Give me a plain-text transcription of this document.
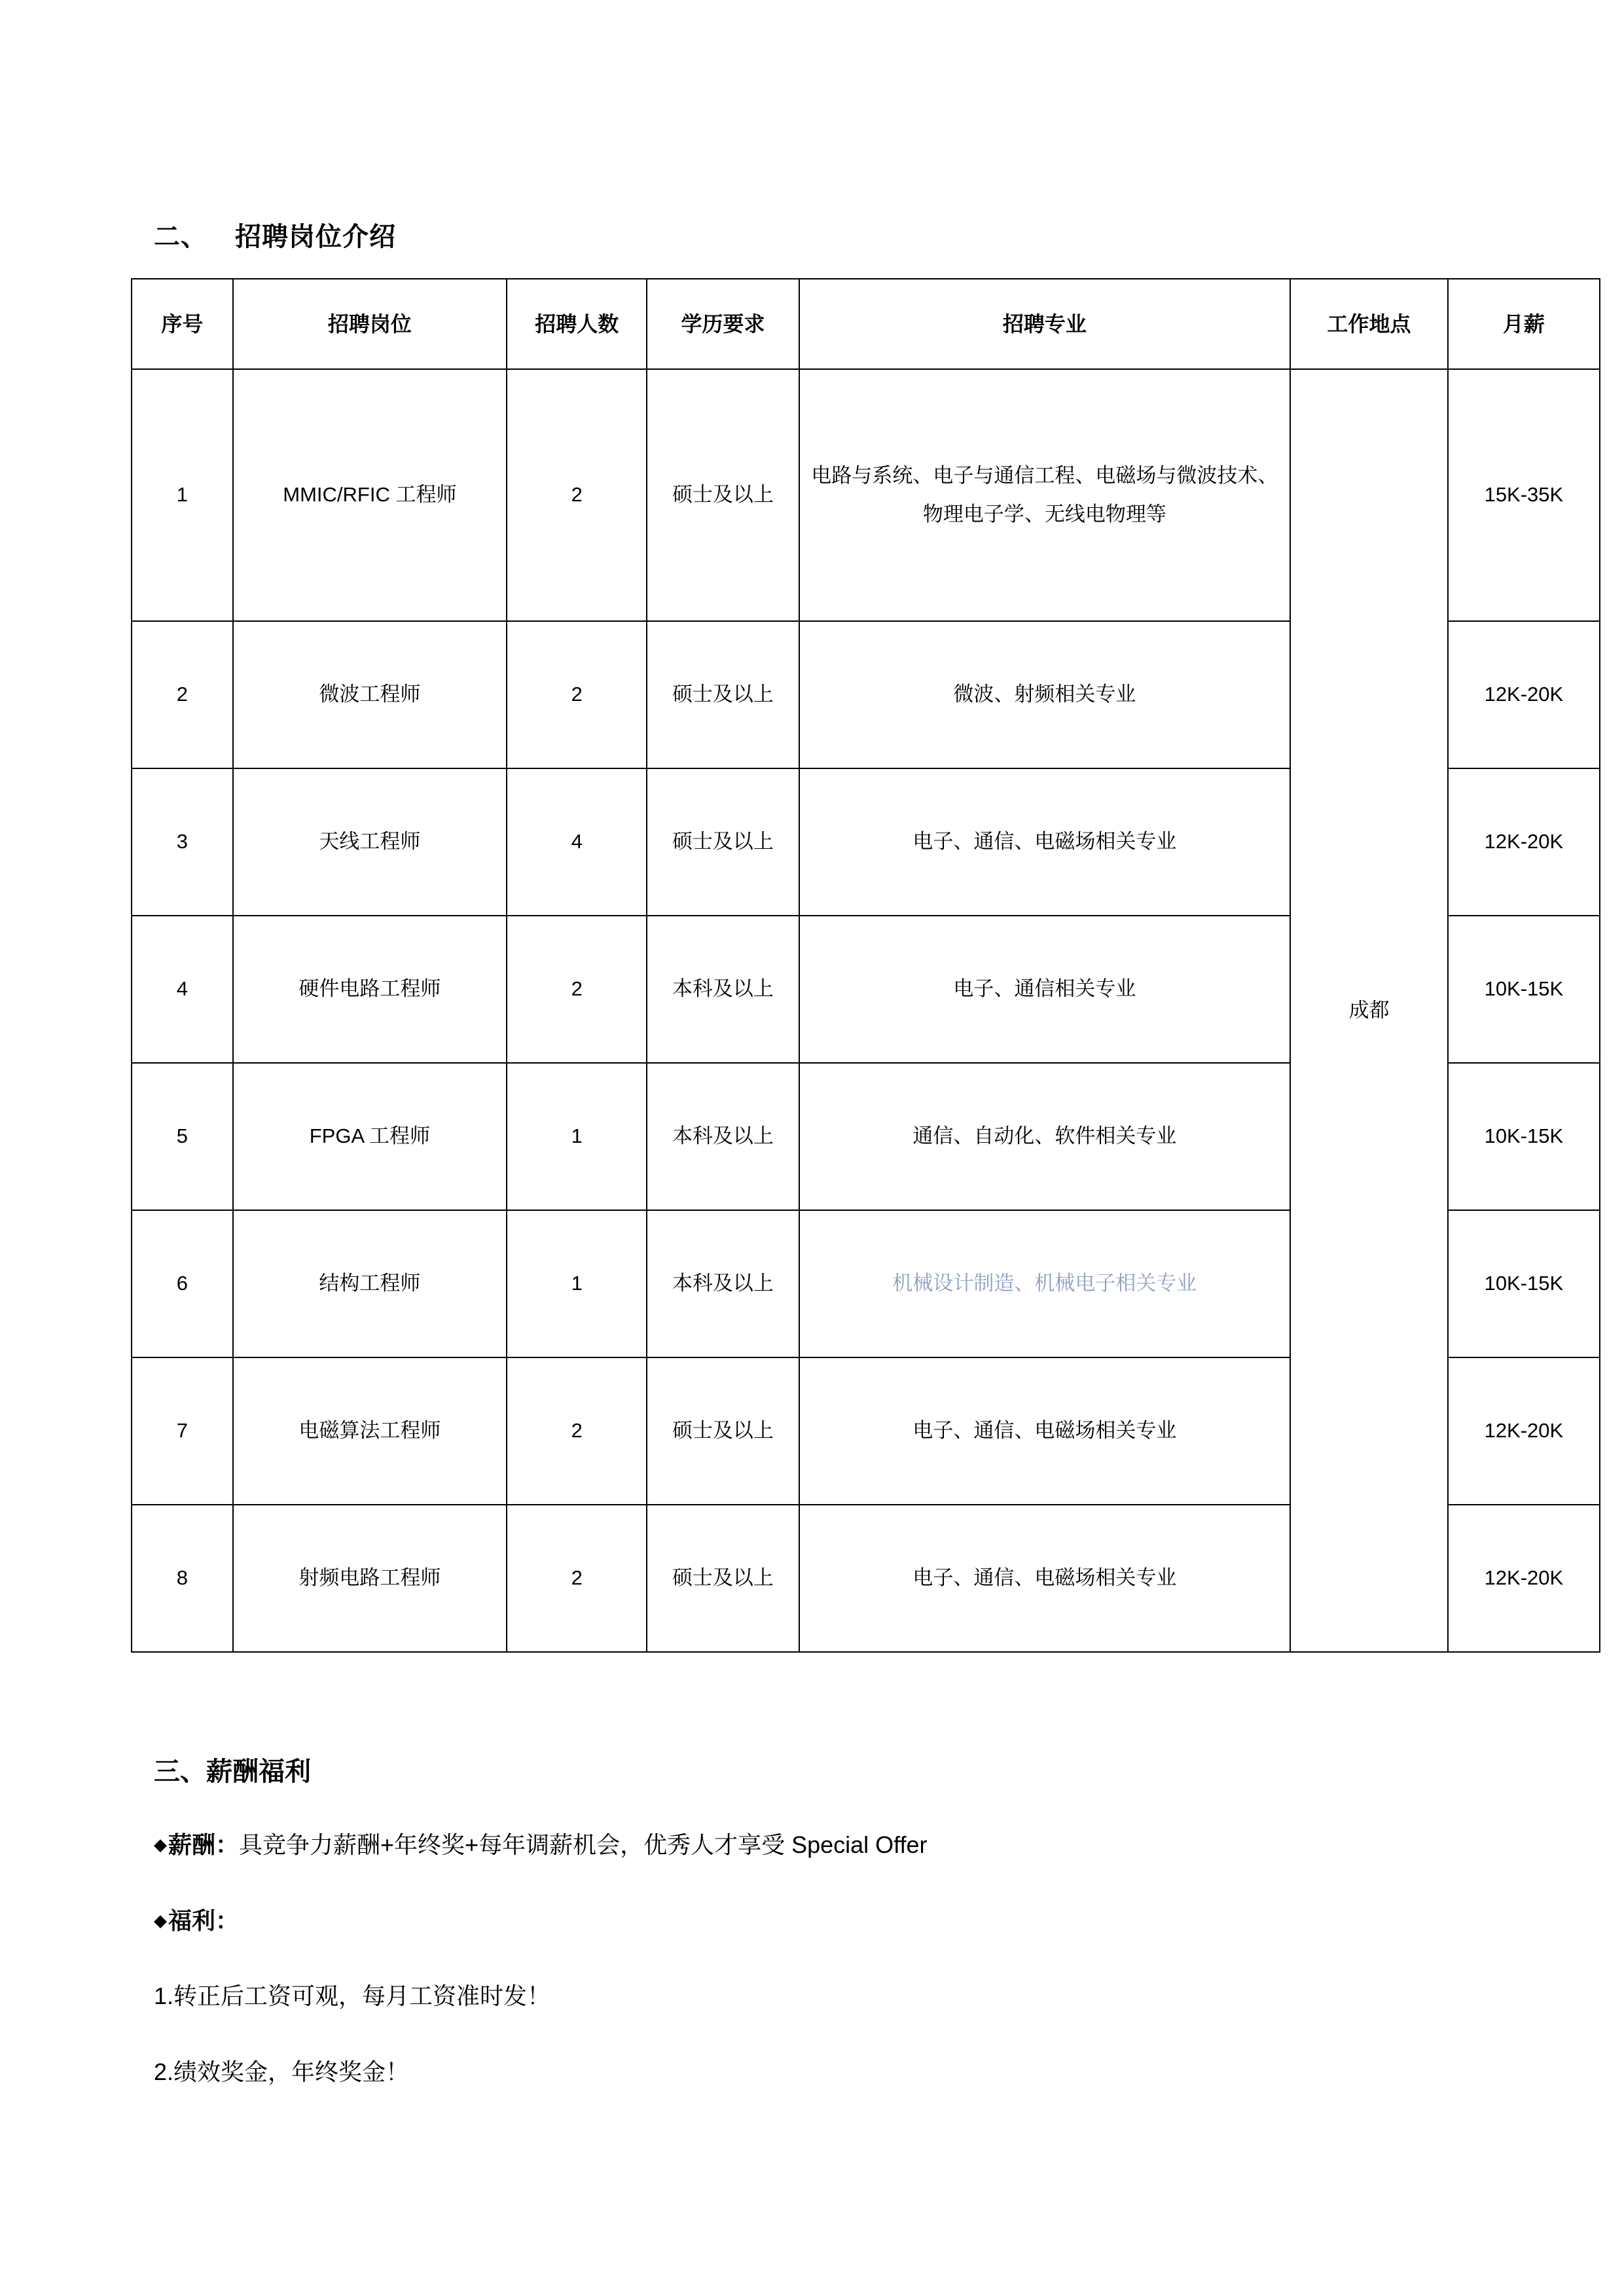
二、 招聘岗位介绍
序号	招聘岗位	招聘人数	学历要求	招聘专业	工作地点	月薪
1	MMIC/RFIC 工程师	2	硕士及以上	电路与系统、电子与通信工程、电磁场与微波技术、物理电子学、无线电物理等	成都	15K-35K
2	微波工程师	2	硕士及以上	微波、射频相关专业		12K-20K
3	天线工程师	4	硕士及以上	电子、通信、电磁场相关专业		12K-20K
4	硬件电路工程师	2	本科及以上	电子、通信相关专业		10K-15K
5	FPGA 工程师	1	本科及以上	通信、自动化、软件相关专业		10K-15K
6	结构工程师	1	本科及以上	机械设计制造、机械电子相关专业		10K-15K
7	电磁算法工程师	2	硕士及以上	电子、通信、电磁场相关专业		12K-20K
8	射频电路工程师	2	硕士及以上	电子、通信、电磁场相关专业		12K-20K
三、薪酬福利

◆薪酬：具竞争力薪酬+年终奖+每年调薪机会，优秀人才享受 Special Offer

◆福利：

1.转正后工资可观，每月工资准时发！

2.绩效奖金，年终奖金！
